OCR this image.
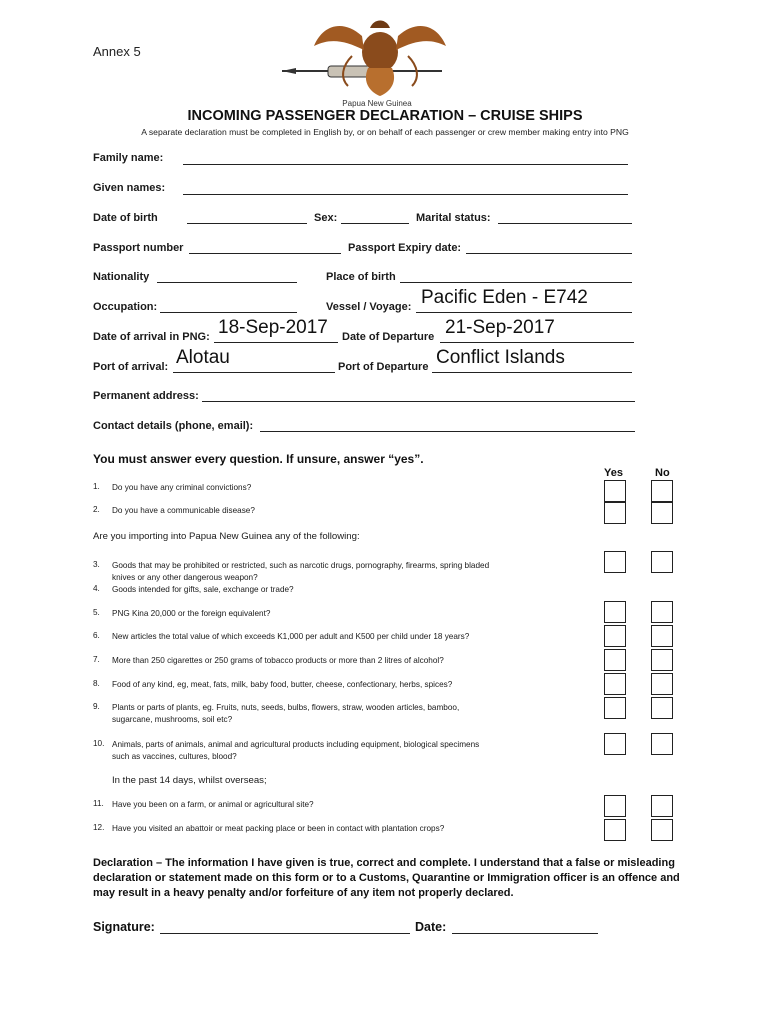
Annex 5
Papua New Guinea
INCOMING PASSENGER DECLARATION – CRUISE SHIPS
A separate declaration must be completed in English by, or on behalf of each passenger or crew member making entry into PNG
Family name:
Given names:
Date of birth	Sex:	Marital status:
Passport number	Passport Expiry date:
Nationality	Place of birth
Occupation:	Vessel / Voyage: Pacific Eden - E742
Date of arrival in PNG: 18-Sep-2017 Date of Departure 21-Sep-2017
Port of arrival: Alotau	Port of Departure Conflict Islands
Permanent address:
Contact details (phone, email):
You must answer every question. If unsure, answer “yes”.
Yes	No
1. Do you have any criminal convictions?
2. Do you have a communicable disease?
Are you importing into Papua New Guinea any of the following:
3. Goods that may be prohibited or restricted, such as narcotic drugs, pornography, firearms, spring bladed
knives or any other dangerous weapon?
4. Goods intended for gifts, sale, exchange or trade?
5. PNG Kina 20,000 or the foreign equivalent?
6. New articles the total value of which exceeds K1,000 per adult and K500 per child under 18 years?
7. More than 250 cigarettes or 250 grams of tobacco products or more than 2 litres of alcohol?
8. Food of any kind, eg, meat, fats, milk, baby food, butter, cheese, confectionary, herbs, spices?
9. Plants or parts of plants, eg. Fruits, nuts, seeds, bulbs, flowers, straw, wooden articles, bamboo,
sugarcane, mushrooms, soil etc?
10. Animals, parts of animals, animal and agricultural products including equipment, biological specimens
such as vaccines, cultures, blood?
In the past 14 days, whilst overseas;
11. Have you been on a farm, or animal or agricultural site?
12. Have you visited an abattoir or meat packing place or been in contact with plantation crops?
Declaration – The information I have given is true, correct and complete. I understand that a false or misleading declaration or statement made on this form or to a Customs, Quarantine or Immigration officer is an offence and may result in a heavy penalty and/or forfeiture of any item not properly declared.
Signature:	Date:
